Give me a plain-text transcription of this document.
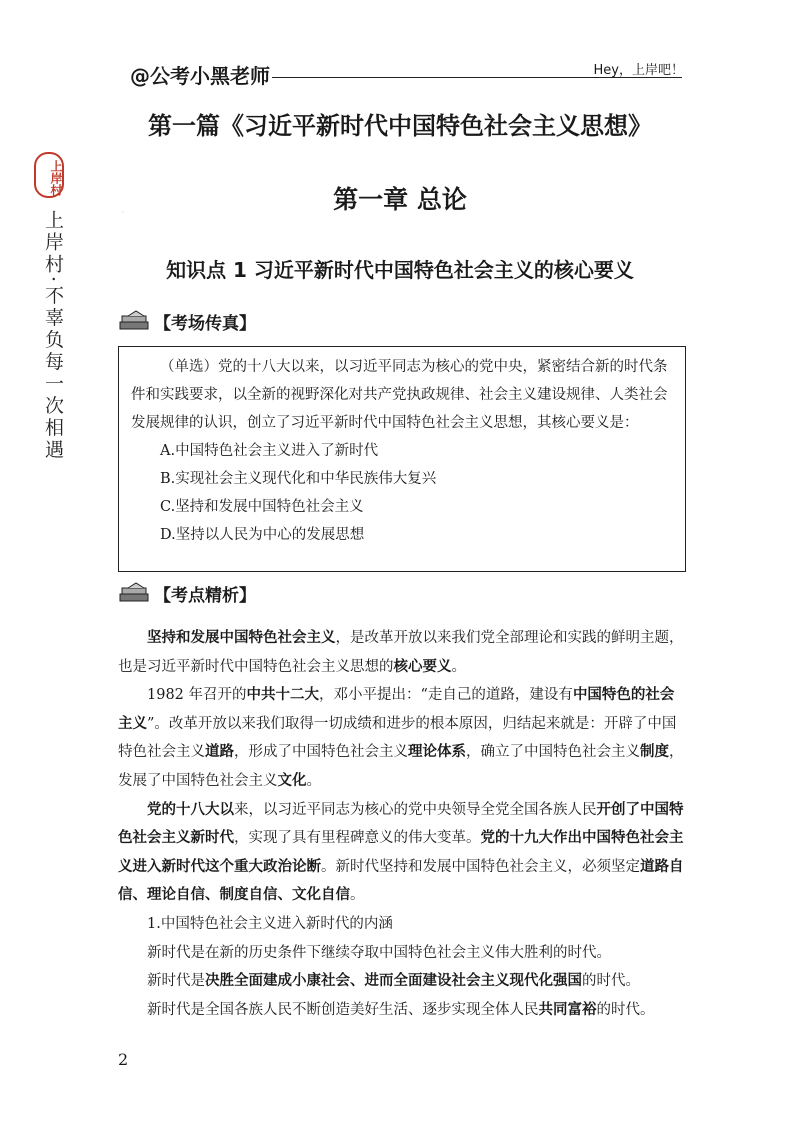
·
@公考小黑老师	Hey，上岸吧！
上岸村
上岸村·不辜负每一次相遇
第一篇《习近平新时代中国特色社会主义思想》
第一章 总论
知识点 1 习近平新时代中国特色社会主义的核心要义
【考场传真】

（单选）党的十八大以来，以习近平同志为核心的党中央，紧密结合新的时代条件和实践要求，以全新的视野深化对共产党执政规律、社会主义建设规律、人类社会发展规律的认识，创立了习近平新时代中国特色社会主义思想，其核心要义是：

A.中国特色社会主义进入了新时代

B.实现社会主义现代化和中华民族伟大复兴

C.坚持和发展中国特色社会主义

D.坚持以人民为中心的发展思想

【考点精析】

坚持和发展中国特色社会主义，是改革开放以来我们党全部理论和实践的鲜明主题，也是习近平新时代中国特色社会主义思想的核心要义。

1982 年召开的中共十二大，邓小平提出：“走自己的道路，建设有中国特色的社会主义”。改革开放以来我们取得一切成绩和进步的根本原因，归结起来就是：开辟了中国特色社会主义道路，形成了中国特色社会主义理论体系，确立了中国特色社会主义制度，发展了中国特色社会主义文化。

党的十八大以来，以习近平同志为核心的党中央领导全党全国各族人民开创了中国特色社会主义新时代，实现了具有里程碑意义的伟大变革。党的十九大作出中国特色社会主义进入新时代这个重大政治论断。新时代坚持和发展中国特色社会主义，必须坚定道路自信、理论自信、制度自信、文化自信。

1.中国特色社会主义进入新时代的内涵

新时代是在新的历史条件下继续夺取中国特色社会主义伟大胜利的时代。

新时代是决胜全面建成小康社会、进而全面建设社会主义现代化强国的时代。

新时代是全国各族人民不断创造美好生活、逐步实现全体人民共同富裕的时代。

2
